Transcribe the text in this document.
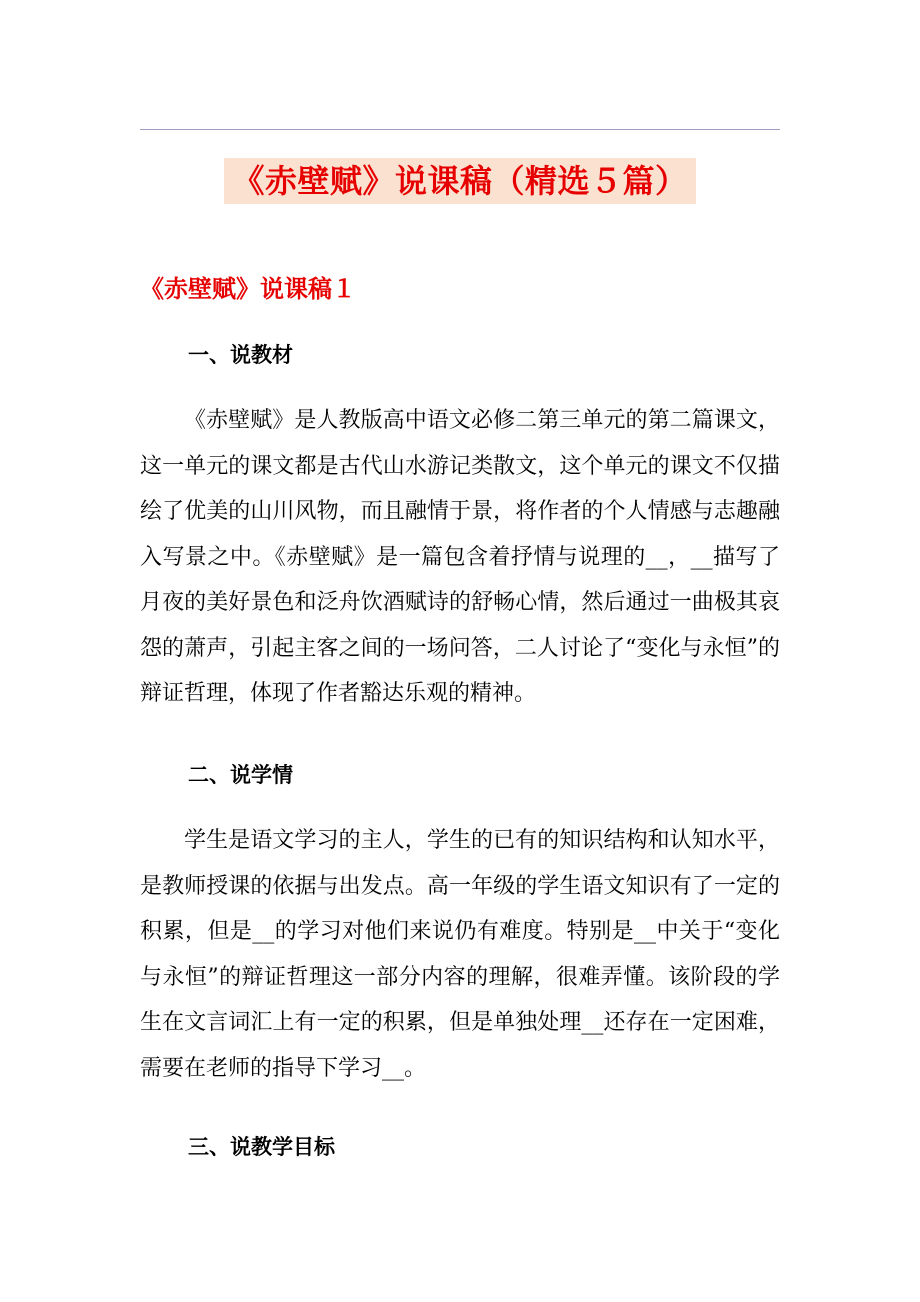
《赤壁赋》说课稿（精选５篇）
《赤壁赋》说课稿１
一、说教材

《赤壁赋》是人教版高中语文必修二第三单元的第二篇课文，这一单元的课文都是古代山水游记类散文，这个单元的课文不仅描绘了优美的山川风物，而且融情于景，将作者的个人情感与志趣融入写景之中。《赤壁赋》是一篇包含着抒情与说理的__，__描写了月夜的美好景色和泛舟饮酒赋诗的舒畅心情，然后通过一曲极其哀怨的萧声，引起主客之间的一场问答，二人讨论了“变化与永恒”的辩证哲理，体现了作者豁达乐观的精神。

二、说学情

学生是语文学习的主人，学生的已有的知识结构和认知水平，是教师授课的依据与出发点。高一年级的学生语文知识有了一定的积累，但是__的学习对他们来说仍有难度。特别是__中关于“变化与永恒”的辩证哲理这一部分内容的理解，很难弄懂。该阶段的学生在文言词汇上有一定的积累，但是单独处理__还存在一定困难，需要在老师的指导下学习__。

三、说教学目标
